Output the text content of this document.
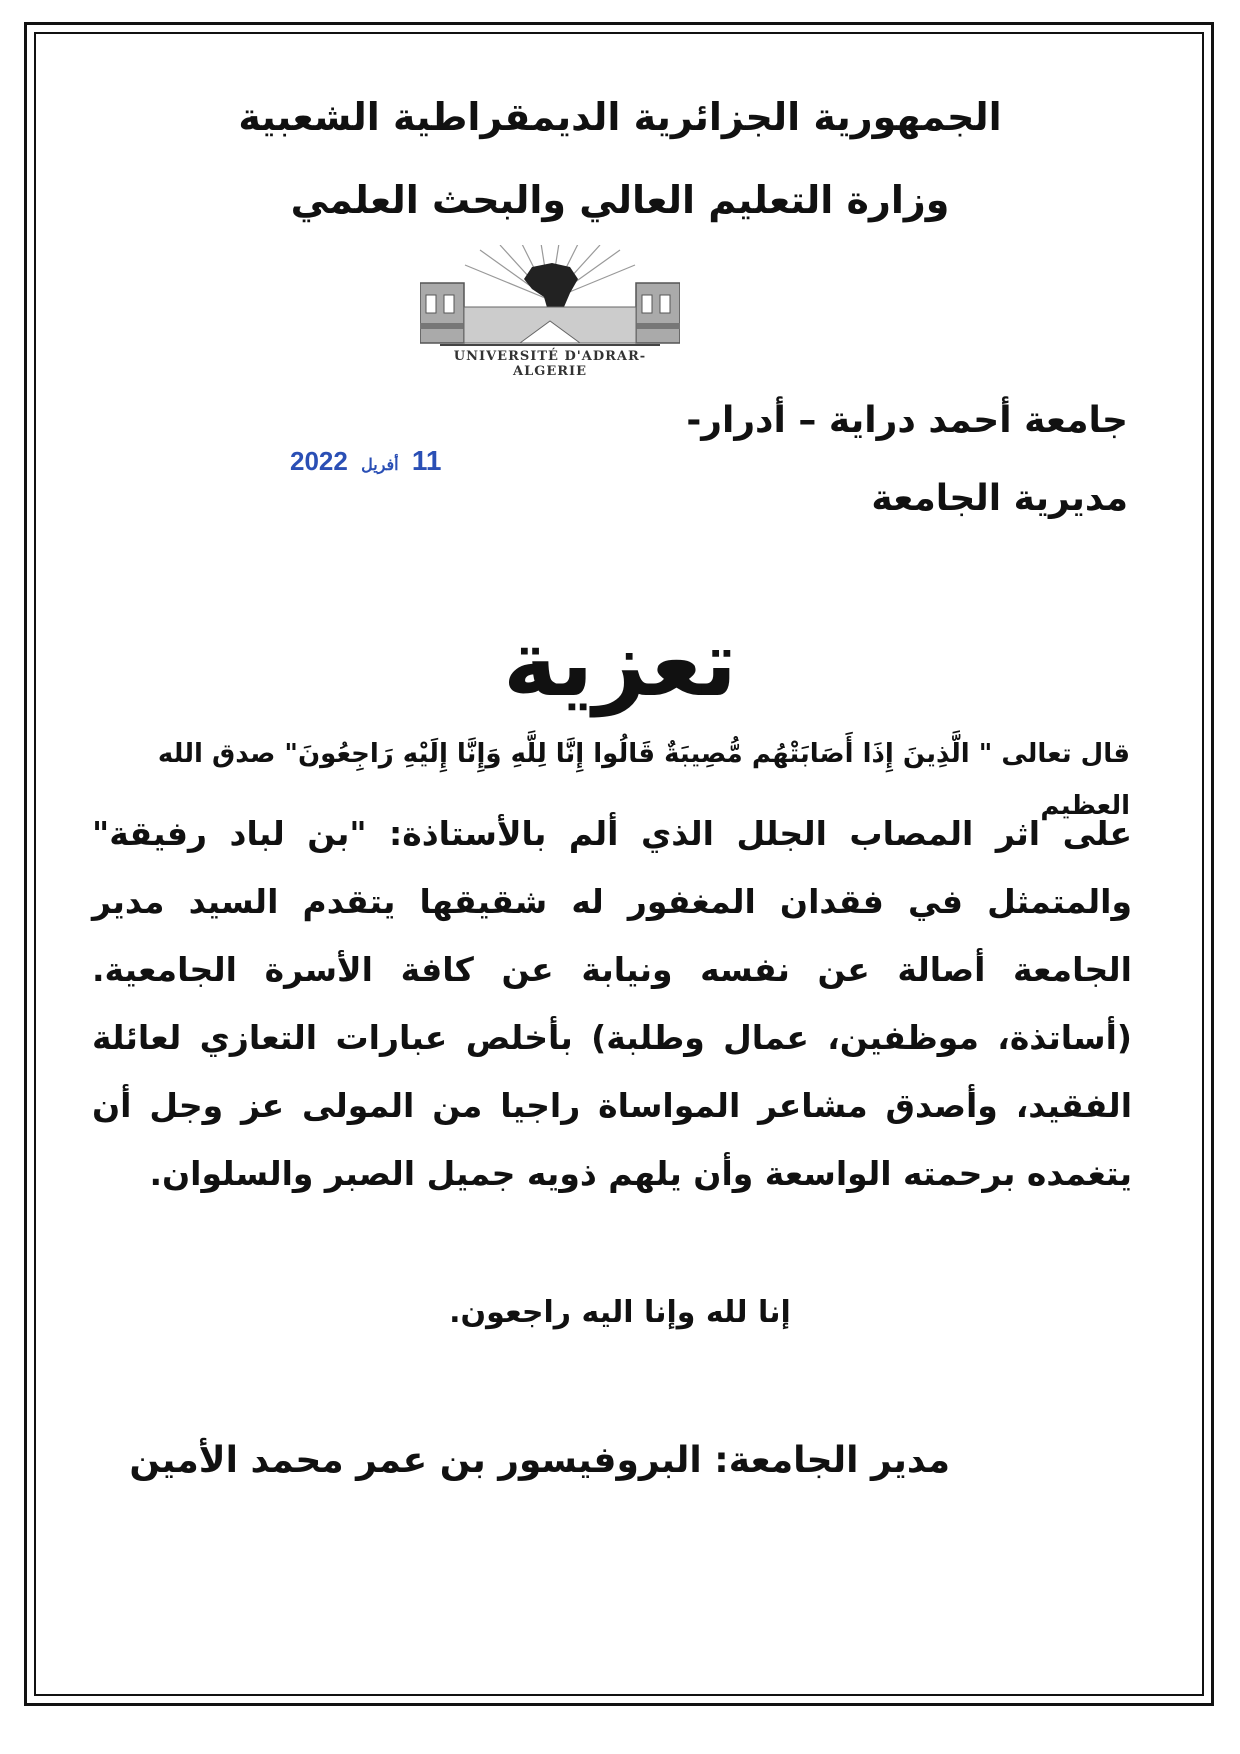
الجمهورية الجزائرية الديمقراطية الشعبية
وزارة التعليم العالي والبحث العلمي
UNIVERSITÉ D'ADRAR-ALGERIE
جامعة أحمد دراية – أدرار-
11 أفريل 2022
مديرية الجامعة
تعزية
قال تعالى " الَّذِينَ إِذَا أَصَابَتْهُم مُّصِيبَةٌ قَالُوا إِنَّا لِلَّهِ وَإِنَّا إِلَيْهِ رَاجِعُونَ" صدق الله العظيم
على اثر المصاب الجلل الذي ألم بالأستاذة: "بن لباد رفيقة" والمتمثل في فقدان المغفور له شقيقها يتقدم السيد مدير الجامعة أصالة عن نفسه ونيابة عن كافة الأسرة الجامعية.(أساتذة، موظفين، عمال وطلبة) بأخلص عبارات التعازي لعائلة الفقيد، وأصدق مشاعر المواساة راجيا من المولى عز وجل أن يتغمده برحمته الواسعة وأن يلهم ذويه جميل الصبر والسلوان.
إنا لله وإنا اليه راجعون.
مدير الجامعة: البروفيسور بن عمر محمد الأمين
